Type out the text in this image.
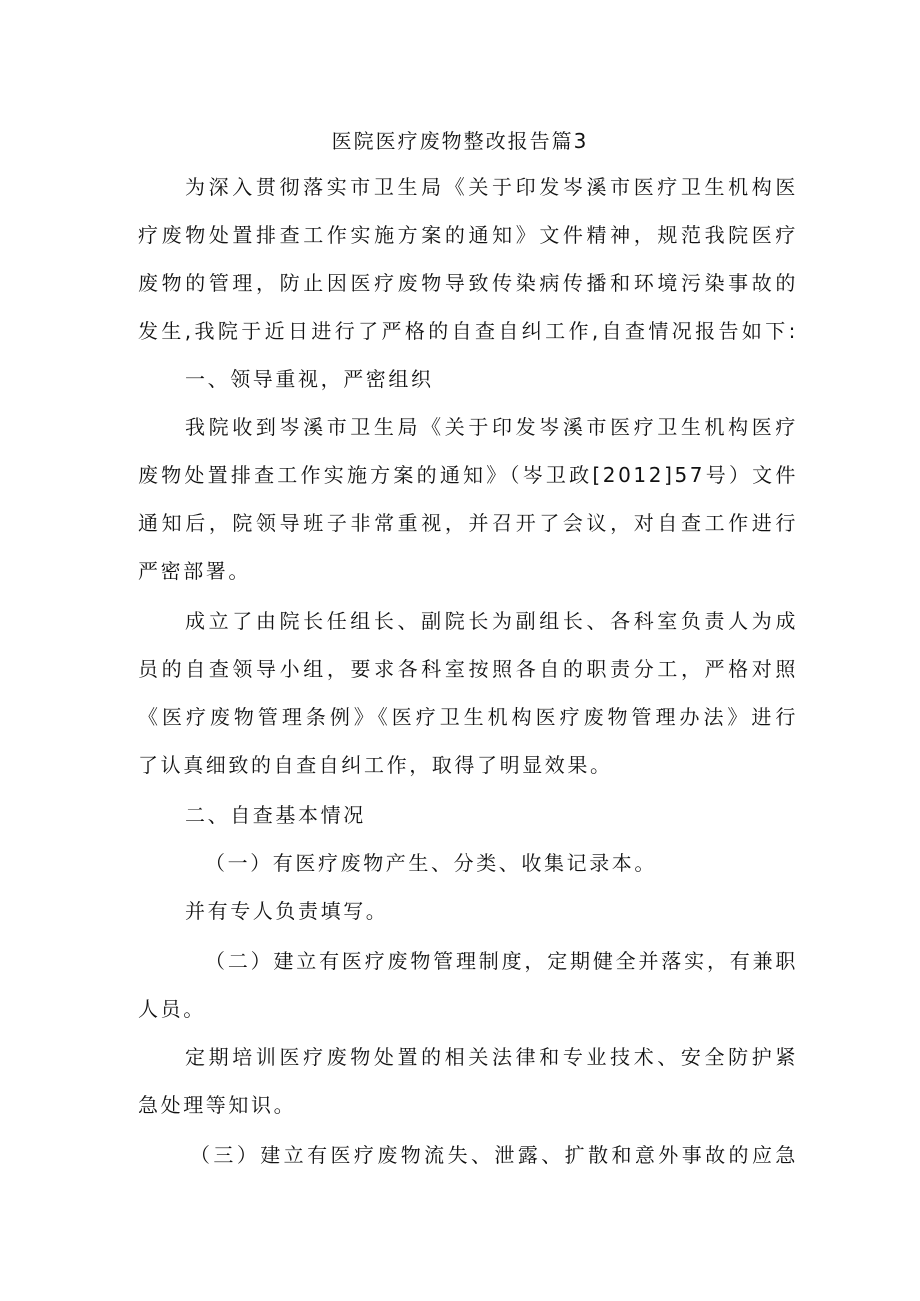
医院医疗废物整改报告篇3
为深入贯彻落实市卫生局《关于印发岑溪市医疗卫生机构医
疗废物处置排查工作实施方案的通知》文件精神，规范我院医疗
废物的管理，防止因医疗废物导致传染病传播和环境污染事故的
发生,我院于近日进行了严格的自查自纠工作,自查情况报告如下:
一、领导重视，严密组织
我院收到岑溪市卫生局《关于印发岑溪市医疗卫生机构医疗
废物处置排查工作实施方案的通知》（岑卫政[2012]57号）文件
通知后，院领导班子非常重视，并召开了会议，对自查工作进行
严密部署。
成立了由院长任组长、副院长为副组长、各科室负责人为成
员的自查领导小组，要求各科室按照各自的职责分工，严格对照
《医疗废物管理条例》《医疗卫生机构医疗废物管理办法》进行
了认真细致的自查自纠工作，取得了明显效果。
二、自查基本情况
（一）有医疗废物产生、分类、收集记录本。
并有专人负责填写。
（二）建立有医疗废物管理制度，定期健全并落实，有兼职
人员。
定期培训医疗废物处置的相关法律和专业技术、安全防护紧
急处理等知识。
（三）建立有医疗废物流失、泄露、扩散和意外事故的应急
